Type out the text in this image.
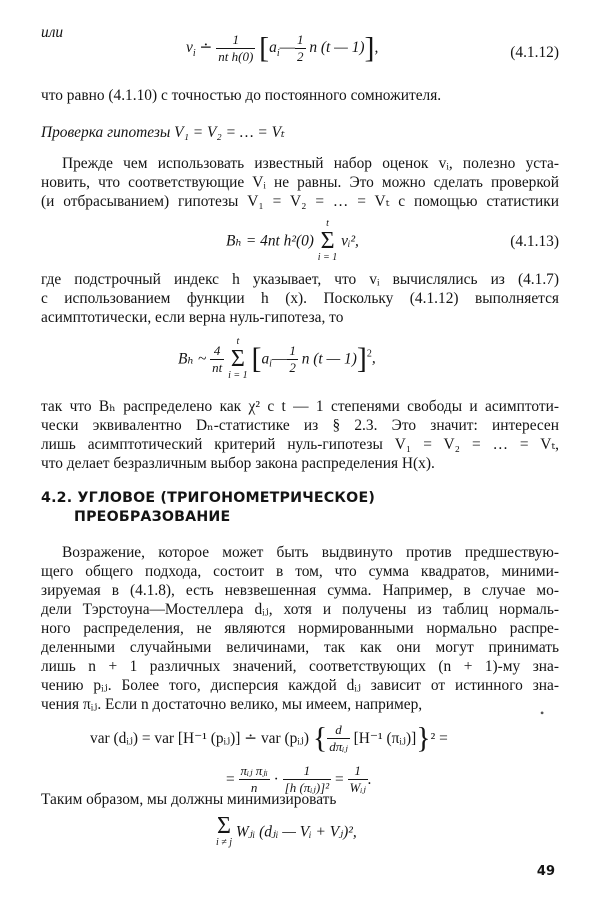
или
$v_i$ ∸ $\frac{1}{\text{nt h(0)}}$ [$a_i— \frac{1}{2}$ n (t — 1)],	(4.1.12)
что равно (4.1.10) с точностью до постоянного сомножителя.
Проверка гипотезы V₁ = V₂ = … = Vₜ
Прежде чем использовать известный набор оценок vᵢ, полезно уста-
новить, что соответствующие Vᵢ не равны. Это можно сделать проверкой
(и отбрасыванием) гипотезы V₁ = V₂ = … = Vₜ с помощью статистики
Bₕ = 4nt h²(0)
t
Σ
i = 1
vᵢ²,	(4.1.13)
где подстрочный индекс h указывает, что vᵢ вычислялись из (4.1.7)
с использованием функции h (x). Поскольку (4.1.12) выполняется
асимптотически, если верна нуль-гипотеза, то
Bₕ ~ $\frac{4}{nt}$

t
Σ
i = 1
[$a_i— \frac{1}{2}$ n (t — 1)]$^2$,
так что Bₕ распределено как χ² с t — 1 степенями свободы и асимптоти-
чески эквивалентно Dₙ-статистике из § 2.3. Это значит: интересен
лишь асимптотический критерий нуль-гипотезы V₁ = V₂ = … = Vₜ,
что делает безразличным выбор закона распределения H(x).
4.2. УГЛОВОЕ (ТРИГОНОМЕТРИЧЕСКОЕ)
ПРЕОБРАЗОВАНИЕ
Возражение, которое может быть выдвинуто против предшествую-
щего общего подхода, состоит в том, что сумма квадратов, миними-
зируемая в (4.1.8), есть невзвешенная сумма. Например, в случае мо-
дели Тэрстоуна—Мостеллера dᵢⱼ, хотя и получены из таблиц нормаль-
ного распределения, не являются нормированными нормально распре-
деленными случайными величинами, так как они могут принимать
лишь n + 1 различных значений, соответствующих (n + 1)-му зна-
чению pᵢⱼ. Более того, дисперсия каждой dᵢⱼ зависит от истинного зна-
чения πᵢⱼ. Если n достаточно велико, мы имеем, например,
var (dᵢⱼ) = var [H⁻¹ (pᵢⱼ)] ∸ var (pᵢⱼ) { $\frac{d}{\text{dπᵢⱼ}} [H^{-1}$ (πᵢⱼ)]}² =
•
= $\frac{\text{πᵢⱼ πⱼᵢ}}{n} \cdot \frac{1}{\text{[h (πᵢⱼ)]²}} = \frac{1}{\text{Wᵢⱼ}}$ .
Таким образом, мы должны минимизировать
Σ
i ≠ j
Wⱼᵢ (dⱼᵢ — Vᵢ + Vⱼ)²,
49
